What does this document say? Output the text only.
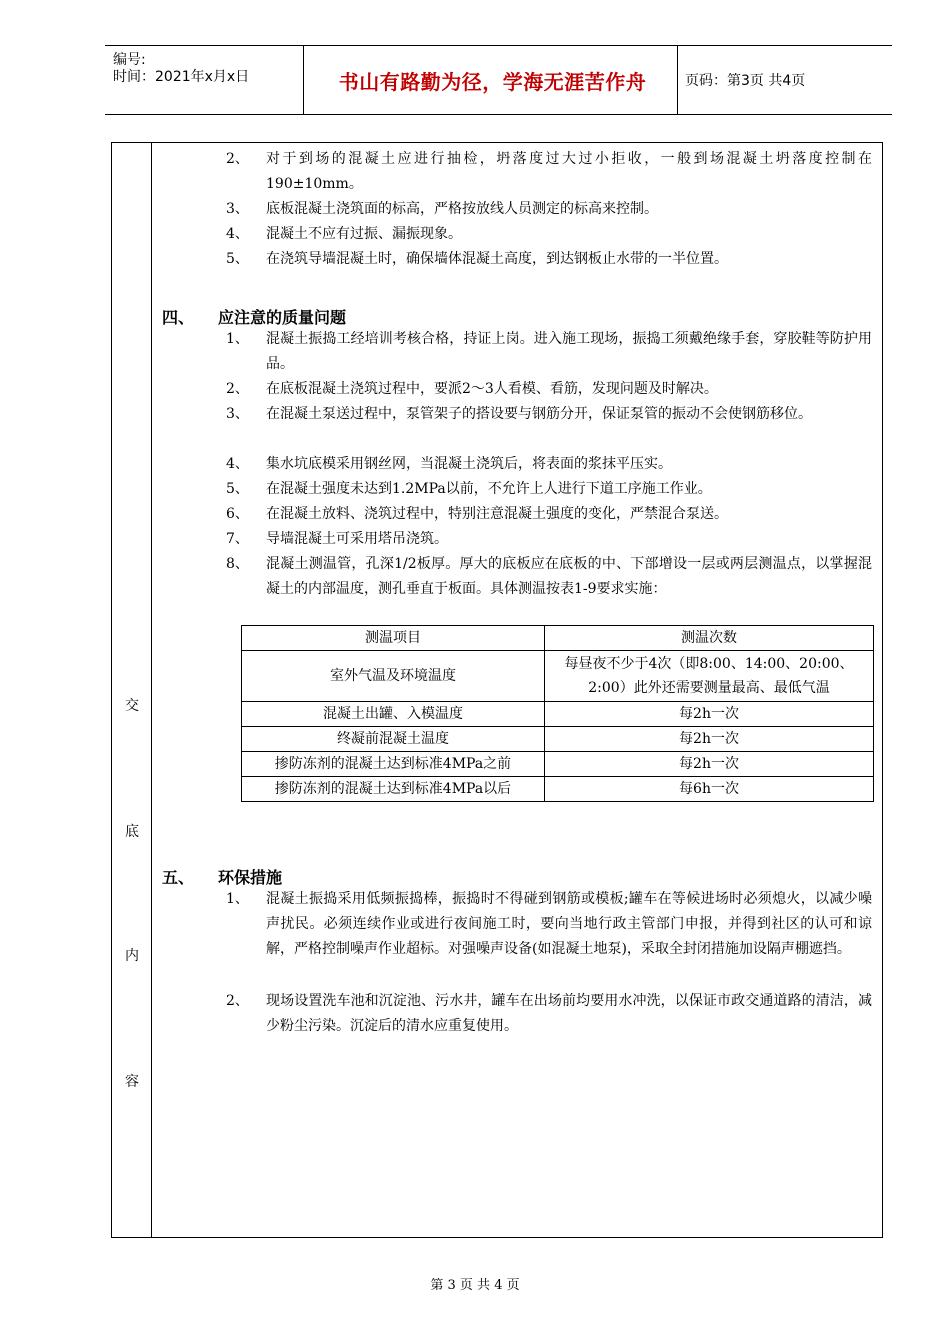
编号:
时间：2021年x月x日	书山有路勤为径，学海无涯苦作舟	页码：第3页 共4页
交
底
内
容
2、	对于到场的混凝土应进行抽检，坍落度过大过小拒收，一般到场混凝土坍落度控制在190±10mm。
3、	底板混凝土浇筑面的标高，严格按放线人员测定的标高来控制。
4、	混凝土不应有过振、漏振现象。
5、	在浇筑导墙混凝土时，确保墙体混凝土高度，到达钢板止水带的一半位置。
四、 应注意的质量问题
1、	混凝土振捣工经培训考核合格，持证上岗。进入施工现场，振捣工须戴绝缘手套，穿胶鞋等防护用品。
2、	在底板混凝土浇筑过程中，要派2～3人看模、看筋，发现问题及时解决。
3、	在混凝土泵送过程中，泵管架子的搭设要与钢筋分开，保证泵管的振动不会使钢筋移位。
4、	集水坑底模采用钢丝网，当混凝土浇筑后，将表面的浆抹平压实。
5、	在混凝土强度未达到1.2MPa以前，不允许上人进行下道工序施工作业。
6、	在混凝土放料、浇筑过程中，特别注意混凝土强度的变化，严禁混合泵送。
7、	导墙混凝土可采用塔吊浇筑。
8、	混凝土测温管，孔深1/2板厚。厚大的底板应在底板的中、下部增设一层或两层测温点，以掌握混凝土的内部温度，测孔垂直于板面。具体测温按表1-9要求实施：
测温项目	测温次数
室外气温及环境温度	每昼夜不少于4次（即8:00、14:00、20:00、2:00）此外还需要测量最高、最低气温
混凝土出罐、入模温度	每2h一次
终凝前混凝土温度	每2h一次
掺防冻剂的混凝土达到标准4MPa之前	每2h一次
掺防冻剂的混凝土达到标准4MPa以后	每6h一次
五、 环保措施
1、	混凝土振捣采用低频振捣棒，振捣时不得碰到钢筋或模板;罐车在等候进场时必须熄火，以减少噪声扰民。必须连续作业或进行夜间施工时，要向当地行政主管部门申报，并得到社区的认可和谅解，严格控制噪声作业超标。对强噪声设备(如混凝土地泵)，采取全封闭措施加设隔声棚遮挡。
2、	现场设置洗车池和沉淀池、污水井，罐车在出场前均要用水冲洗，以保证市政交通道路的清洁，减少粉尘污染。沉淀后的清水应重复使用。
第 3 页 共 4 页
